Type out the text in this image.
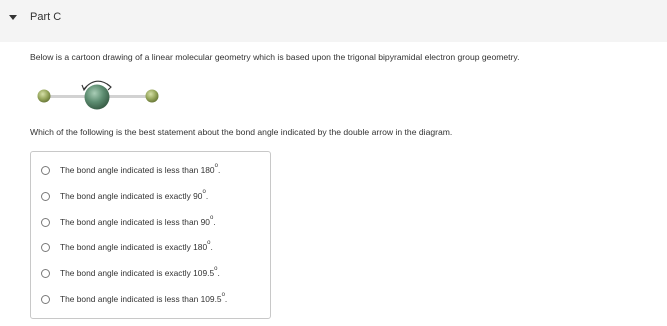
Part C
Below is a cartoon drawing of a linear molecular geometry which is based upon the trigonal bipyramidal electron group geometry.
Which of the following is the best statement about the bond angle indicated by the double arrow in the diagram.
The bond angle indicated is less than 180$^o$.
The bond angle indicated is exactly 90$^o$.
The bond angle indicated is less than 90$^o$.
The bond angle indicated is exactly 180$^o$.
The bond angle indicated is exactly 109.5$^o$.
The bond angle indicated is less than 109.5$^o$.
